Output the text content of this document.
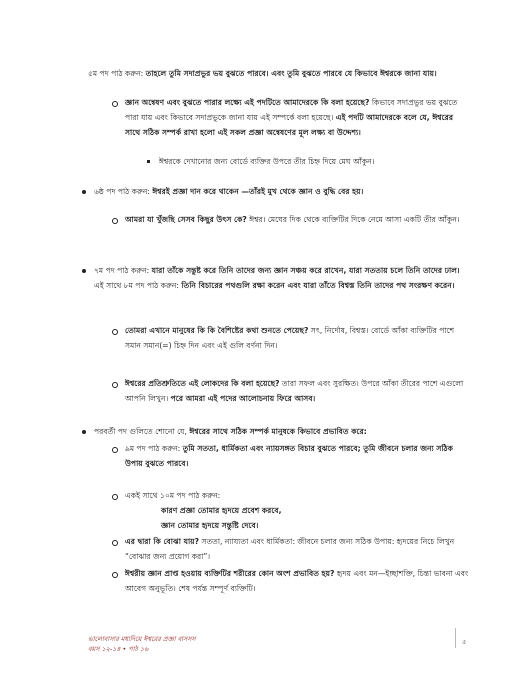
৫ম পদ পাঠ করুন: তাহলে তুমি সদাপ্রভুর ভয় বুঝতে পারবে। এবং তুমি বুঝতে পারবে যে কিভাবে ঈশ্বরকে জানা যায়।
জ্ঞান অন্বেষণ এবং বুঝতে পারার লক্ষ্যে এই পদটিতে আমাদেরকে কি বলা হয়েছে? কিভাবে সদাপ্রভুর ভয় বুঝতে পারা যায় এবং কিভাবে সদাপ্রভুকে জানা যায় এই সম্পর্কে বলা হয়েছে। এই পদটি আমাদেরকে বলে যে, ঈশ্বরের সাথে সঠিক সম্পর্ক রাখা হলো এই সকল প্রজ্ঞা অন্বেষণের মূল লক্ষ্য বা উদ্দেশ্য।
ঈশ্বরকে দেখানোর জন্য বোর্ডে ব্যক্তির উপরে তীর চিহ্ন দিয়ে মেঘ আঁকুন।
৬ষ্ঠ পদ পাঠ করুন: ঈশ্বরই প্রজ্ঞা দান করে থাকেন —তাঁরই মুখ থেকে জ্ঞান ও বুদ্ধি বের হয়।
আমরা যা খুঁজছি সেসব কিছুর উৎস কে? ঈশ্বর। মেঘের দিক থেকে ব্যক্তিটির দিকে নেমে আসা একটি তীর আঁকুন।
৭ম পদ পাঠ করুন: যারা তাঁকে সন্তুষ্ট করে তিনি তাদের জন্য জ্ঞান সঞ্চয় করে রাখেন, যারা সততায় চলে তিনি তাদের ঢাল। এই সাথে ৮ম পদ পাঠ করুন: তিনি বিচারের পথগুলি রক্ষা করেন এবং যারা তাঁতে বিশ্বস্ত তিনি তাদের পথ সংরক্ষণ করেন।
তোমরা এখানে মানুষের কি কি বৈশিষ্টের কথা শুনতে পেয়েছ? সৎ, নির্দোষ, বিশ্বস্ত। বোর্ডে আঁকা ব্যক্তিটির পাশে সমান সমান(=) চিহ্ন দিন এবং এই গুলি বর্ণনা দিন।
ঈশ্বরের প্রতিশ্রুতিতে এই লোকদের কি বলা হয়েছে? তারা সফল এবং সুরক্ষিত। উপরে আঁকা তীরের পাশে এগুলো আপনি লিখুন। পরে আমরা এই পদের আলোচনায় ফিরে আসব।
পরবর্তী পদ গুলিতে শোনো যে, ঈশ্বরের সাথে সঠিক সম্পর্ক মানুষকে কিভাবে প্রভাবিত করে:
৯ম পদ পাঠ করুন: তুমি সততা, ধার্মিকতা এবং ন্যায়সঙ্গত বিচার বুঝতে পারবে; তুমি জীবনে চলার জন্য সঠিক উপায় বুঝতে পারবে।
একই সাথে ১০ম পদ পাঠ করুন:
কারণ প্রজ্ঞা তোমার হৃদয়ে প্রবেশ করবে,
জ্ঞান তোমার হৃদয়ে সন্তুষ্টি দেবে।
এর দ্বারা কি বোঝা যায়? সততা, ন্যায্যতা এবং ধার্মিকতা: জীবনে চলার জন্য সঠিক উপায়: হৃদয়ের নিচে লিখুন “বোঝার জন্য প্রয়োগ করা”।
ঈশ্বরীয় জ্ঞান প্রাপ্ত হওয়ায় ব্যক্তিটির শরীরের কোন অংশ প্রভাবিত হয়? হৃদয় এবং মন—ইচ্ছাশক্তি, চিন্তা ভাবনা এবং আবেগ অনুভূতি। শেষ পর্যন্ত সম্পূর্ণ ব্যক্তিটি।
ভালোবাসার মধ্যদিয়ে ঈশ্বরের প্রজ্ঞা বাসসস
বয়স ১২-১৪ • পাঠ ১৬
৫
